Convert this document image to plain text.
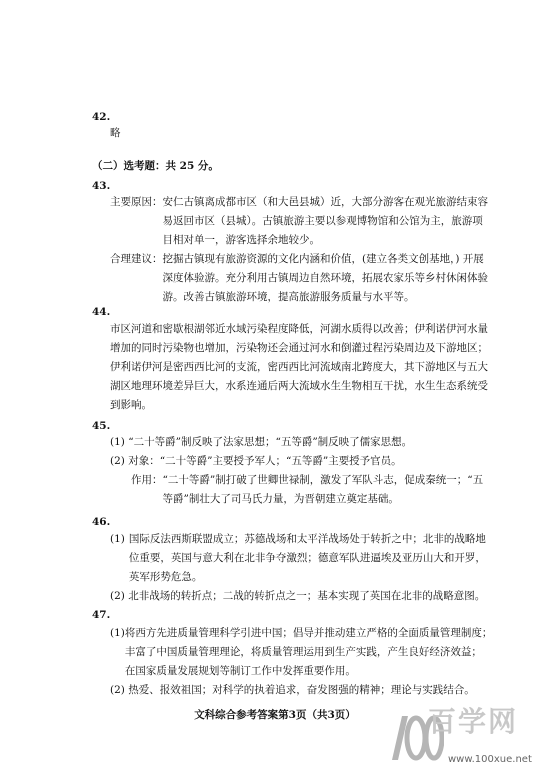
42.
略
（二）选考题：共 25 分。
43.
主要原因： 安仁古镇离成都市区（和大邑县城）近，大部分游客在观光旅游结束容
易返回市区（县城）。古镇旅游主要以参观博物馆和公馆为主，旅游项
目相对单一，游客选择余地较少。
合理建议： 挖掘古镇现有旅游资源的文化内涵和价值，(建立各类文创基地，) 开展
深度体验游。充分利用古镇周边自然环境，拓展农家乐等乡村休闲体验
游。改善古镇旅游环境，提高旅游服务质量与水平等。
44.
市区河道和密歇根湖邻近水域污染程度降低，河湖水质得以改善；伊利诺伊河水量
增加的同时污染物也增加，污染物还会通过河水和倒灌过程污染周边及下游地区；
伊利诺伊河是密西西比河的支流，密西西比河流域南北跨度大，其下游地区与五大
湖区地理环境差异巨大，水系连通后两大流域水生生物相互干扰，水生生态系统受
到影响。
45.
(1) “二十等爵”制反映了法家思想；“五等爵”制反映了儒家思想。
(2) 对象：“二十等爵”主要授予军人；“五等爵”主要授予官员。
作用： “二十等爵”制打破了世卿世禄制，激发了军队斗志，促成秦统一；“五
等爵”制壮大了司马氏力量，为晋朝建立奠定基础。
46.
(1) 国际反法西斯联盟成立；苏德战场和太平洋战场处于转折之中；北非的战略地
位重要，英国与意大利在北非争夺激烈；德意军队进逼埃及亚历山大和开罗，
英军形势危急。
(2) 北非战场的转折点；二战的转折点之一；基本实现了英国在北非的战略意图。
47.
(1) 将西方先进质量管理科学引进中国；倡导并推动建立严格的全面质量管理制度；
丰富了中国质量管理理论，将质量管理运用到生产实践，产生良好经济效益；
在国家质量发展规划等制订工作中发挥重要作用。
(2) 热爱、报效祖国；对科学的执着追求，奋发图强的精神；理论与实践结合。
文科综合参考答案第3页（共3页）	百学网
www.100xue.net
